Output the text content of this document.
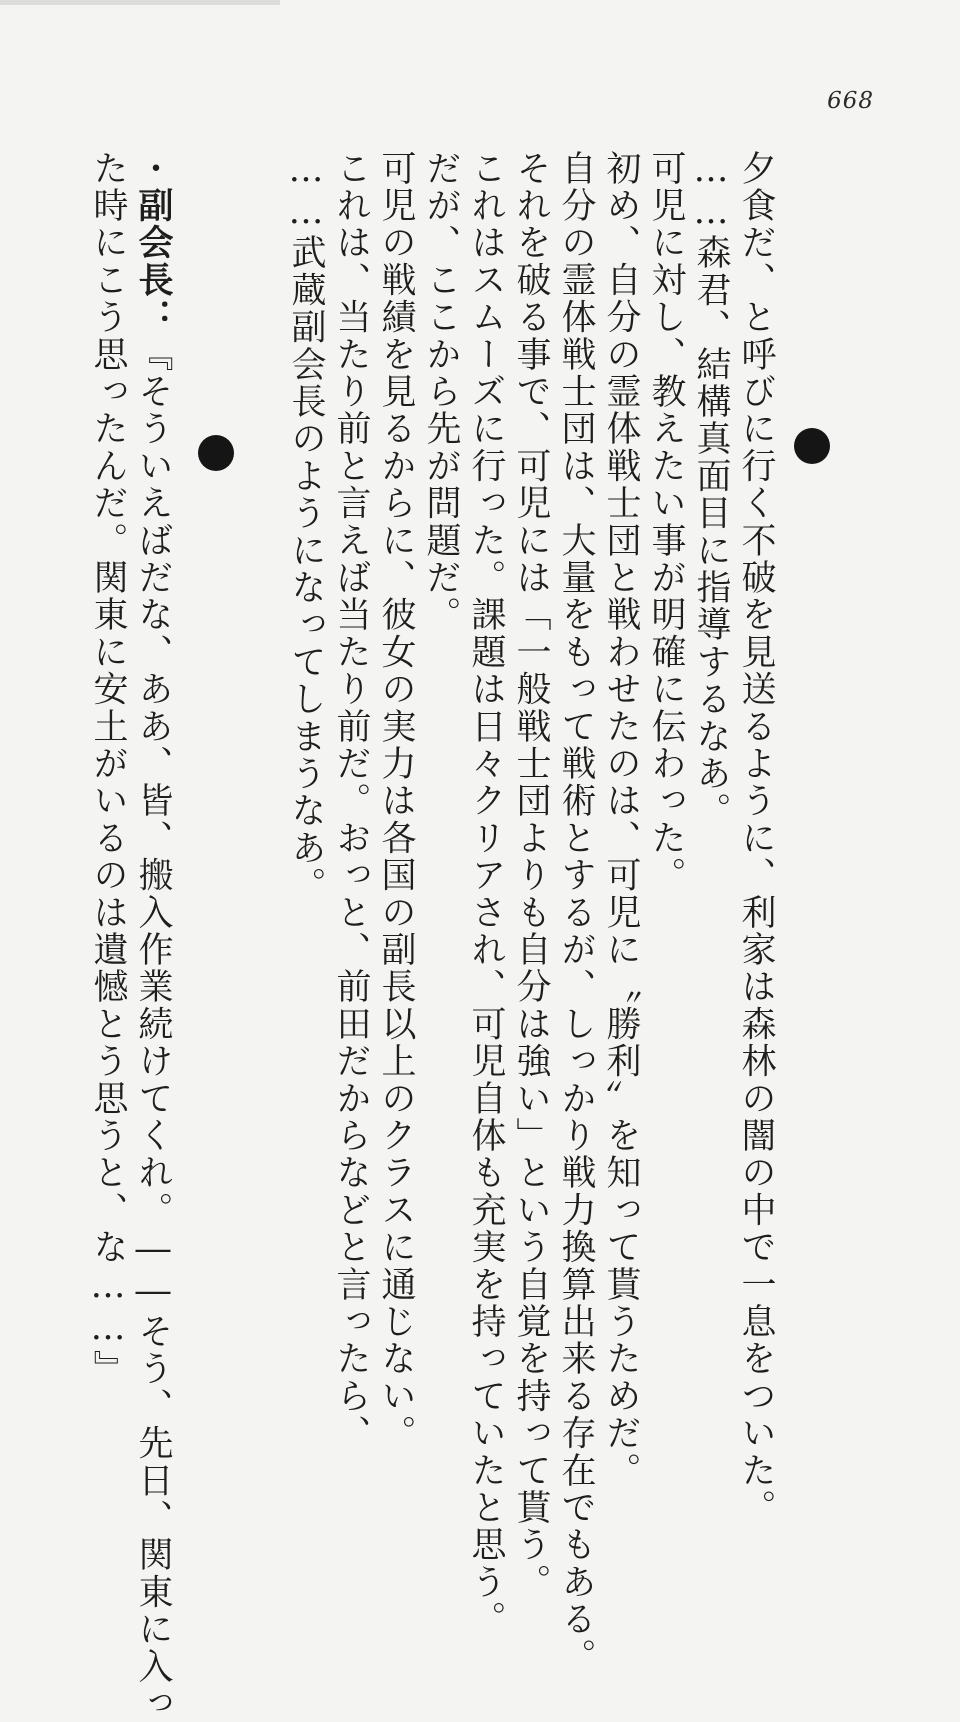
668
夕食だ、と呼びに行く不破を見送るように、利家は森林の闇の中で一息をついた。
……森君、結構真面目に指導するなあ。
可児に対し、教えたい事が明確に伝わった。
初め、自分の霊体戦士団と戦わせたのは、可児に〝勝利〟を知って貰うためだ。
自分の霊体戦士団は、大量をもって戦術とするが、しっかり戦力換算出来る存在でもある。
それを破る事で、可児には「一般戦士団よりも自分は強い」という自覚を持って貰う。
これはスムーズに行った。課題は日々クリアされ、可児自体も充実を持っていたと思う。
だが、ここから先が問題だ。
可児の戦績を見るからに、彼女の実力は各国の副長以上のクラスに通じない。
これは、当たり前と言えば当たり前だ。おっと、前田だからなどと言ったら、
……武蔵副会長のようになってしまうなあ。
・副会長：『そういえばだな、ああ、皆、搬入作業続けてくれ。――そう、先日、関東に入っ
た時にこう思ったんだ。関東に安土がいるのは遺憾とう思うと、な……』
